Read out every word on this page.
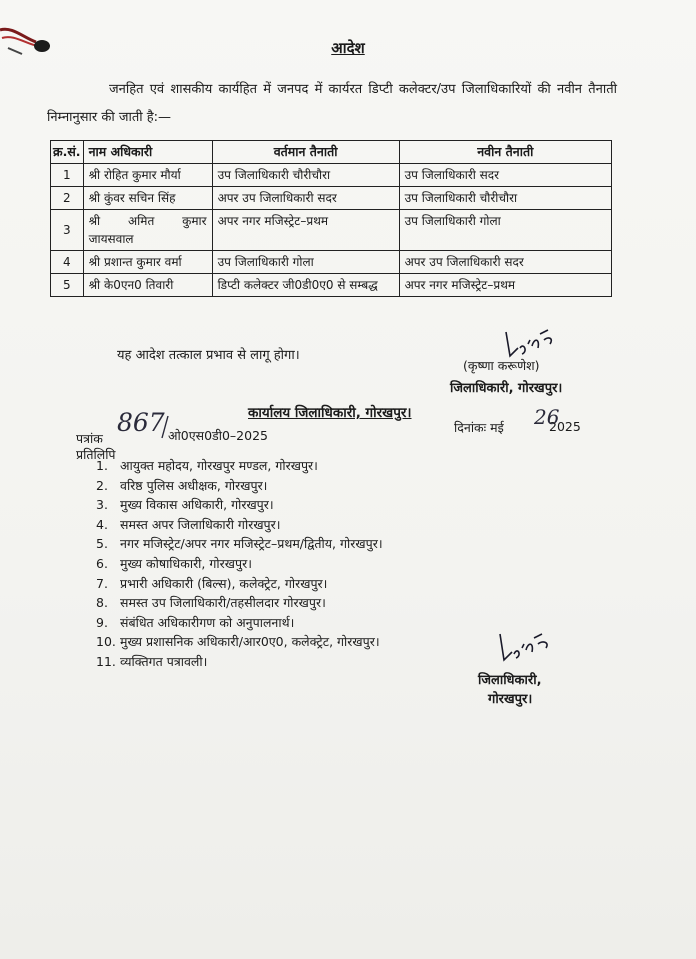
आदेश
जनहित एवं शासकीय कार्यहित में जनपद में कार्यरत डिप्टी कलेक्टर/उप जिलाधिकारियों की नवीन तैनाती निम्नानुसार की जाती है:—
क्र.सं.	नाम अधिकारी	वर्तमान तैनाती	नवीन तैनाती
1	श्री रोहित कुमार मौर्या	उप जिलाधिकारी चौरीचौरा	उप जिलाधिकारी सदर
2	श्री कुंवर सचिन सिंह	अपर उप जिलाधिकारी सदर	उप जिलाधिकारी चौरीचौरा
3	श्री अमित कुमार जायसवाल	अपर नगर मजिस्ट्रेट–प्रथम	उप जिलाधिकारी गोला
4	श्री प्रशान्त कुमार वर्मा	उप जिलाधिकारी गोला	अपर उप जिलाधिकारी सदर
5	श्री के0एन0 तिवारी	डिप्टी कलेक्टर जी0डी0ए0 से सम्बद्ध	अपर नगर मजिस्ट्रेट–प्रथम
यह आदेश तत्काल प्रभाव से लागू होगा।
(कृष्णा करूणेश)
जिलाधिकारी, गोरखपुर।
कार्यालय जिलाधिकारी, गोरखपुर।
पत्रांक
867 ओ0एस0डी0–2025
दिनांकः मई 26
2025
प्रतिलिपि
1. आयुक्त महोदय, गोरखपुर मण्डल, गोरखपुर।
2. वरिष्ठ पुलिस अधीक्षक, गोरखपुर।
3. मुख्य विकास अधिकारी, गोरखपुर।
4. समस्त अपर जिलाधिकारी गोरखपुर।
5. नगर मजिस्ट्रेट/अपर नगर मजिस्ट्रेट–प्रथम/द्वितीय, गोरखपुर।
6. मुख्य कोषाधिकारी, गोरखपुर।
7. प्रभारी अधिकारी (बिल्स), कलेक्ट्रेट, गोरखपुर।
8. समस्त उप जिलाधिकारी/तहसीलदार गोरखपुर।
9. संबंधित अधिकारीगण को अनुपालनार्थ।
10. मुख्य प्रशासनिक अधिकारी/आर0ए0, कलेक्ट्रेट, गोरखपुर।
11. व्यक्तिगत पत्रावली।
जिलाधिकारी,
गोरखपुर।
